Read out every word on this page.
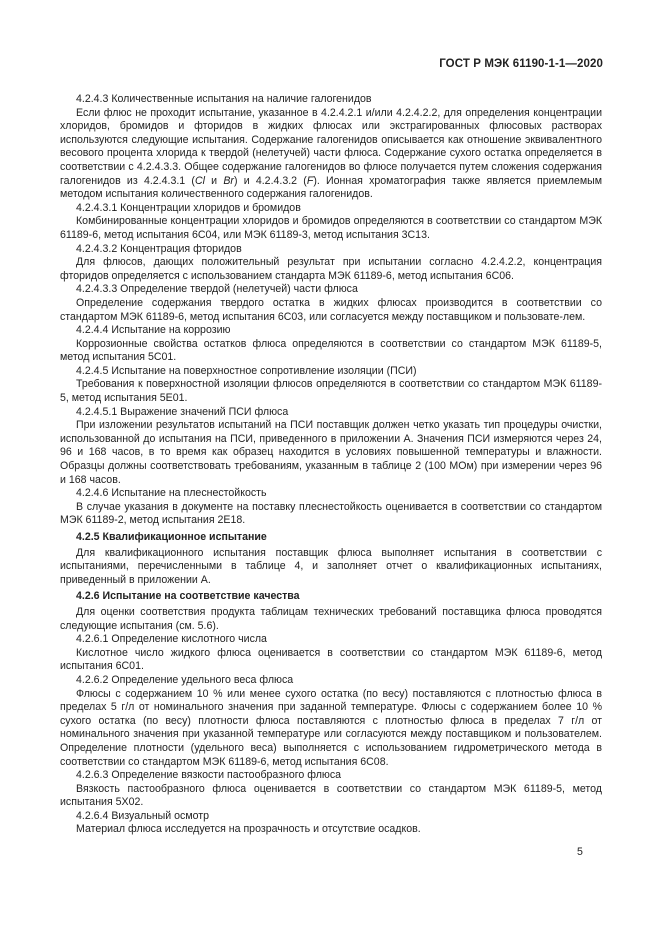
ГОСТ Р МЭК 61190-1-1—2020

4.2.4.3 Количественные испытания на наличие галогенидов

Если флюс не проходит испытание, указанное в 4.2.4.2.1 и/или 4.2.4.2.2, для определения концентрации хлоридов, бромидов и фторидов в жидких флюсах или экстрагированных флюсовых растворах используются следующие испытания. Содержание галогенидов описывается как отношение эквивалентного весового процента хлорида к твердой (нелетучей) части флюса. Содержание сухого остатка определяется в соответствии с 4.2.4.3.3. Общее содержание галогенидов во флюсе получается путем сложения содержания галогенидов из 4.2.4.3.1 (Cl и Br) и 4.2.4.3.2 (F). Ионная хроматография также является приемлемым методом испытания количественного содержания галогенидов.

4.2.4.3.1 Концентрации хлоридов и бромидов

Комбинированные концентрации хлоридов и бромидов определяются в соответствии со стандартом МЭК 61189-6, метод испытания 6С04, или МЭК 61189-3, метод испытания 3С13.

4.2.4.3.2 Концентрация фторидов

Для флюсов, дающих положительный результат при испытании согласно 4.2.4.2.2, концентрация фторидов определяется с использованием стандарта МЭК 61189-6, метод испытания 6С06.

4.2.4.3.3 Определение твердой (нелетучей) части флюса

Определение содержания твердого остатка в жидких флюсах производится в соответствии со стандартом МЭК 61189-6, метод испытания 6С03, или согласуется между поставщиком и пользовате-лем.

4.2.4.4 Испытание на коррозию

Коррозионные свойства остатков флюса определяются в соответствии со стандартом МЭК 61189-5, метод испытания 5С01.

4.2.4.5 Испытание на поверхностное сопротивление изоляции (ПСИ)

Требования к поверхностной изоляции флюсов определяются в соответствии со стандартом МЭК 61189-5, метод испытания 5Е01.

4.2.4.5.1 Выражение значений ПСИ флюса

При изложении результатов испытаний на ПСИ поставщик должен четко указать тип процедуры очистки, использованной до испытания на ПСИ, приведенного в приложении А. Значения ПСИ измеряются через 24, 96 и 168 часов, в то время как образец находится в условиях повышенной температуры и влажности. Образцы должны соответствовать требованиям, указанным в таблице 2 (100 МОм) при измерении через 96 и 168 часов.

4.2.4.6 Испытание на плеснестойкость

В случае указания в документе на поставку плеснестойкость оценивается в соответствии со стандартом МЭК 61189-2, метод испытания 2Е18.

4.2.5 Квалификационное испытание

Для квалификационного испытания поставщик флюса выполняет испытания в соответствии с испытаниями, перечисленными в таблице 4, и заполняет отчет о квалификационных испытаниях, приведенный в приложении А.

4.2.6 Испытание на соответствие качества

Для оценки соответствия продукта таблицам технических требований поставщика флюса проводятся следующие испытания (см. 5.6).

4.2.6.1 Определение кислотного числа

Кислотное число жидкого флюса оценивается в соответствии со стандартом МЭК 61189-6, метод испытания 6С01.

4.2.6.2 Определение удельного веса флюса

Флюсы с содержанием 10 % или менее сухого остатка (по весу) поставляются с плотностью флюса в пределах 5 г/л от номинального значения при заданной температуре. Флюсы с содержанием более 10 % сухого остатка (по весу) плотности флюса поставляются с плотностью флюса в пределах 7 г/л от номинального значения при указанной температуре или согласуются между поставщиком и пользователем. Определение плотности (удельного веса) выполняется с использованием гидрометрического метода в соответствии со стандартом МЭК 61189-6, метод испытания 6С08.

4.2.6.3 Определение вязкости пастообразного флюса

Вязкость пастообразного флюса оценивается в соответствии со стандартом МЭК 61189-5, метод испытания 5Х02.

4.2.6.4 Визуальный осмотр

Материал флюса исследуется на прозрачность и отсутствие осадков.

5
